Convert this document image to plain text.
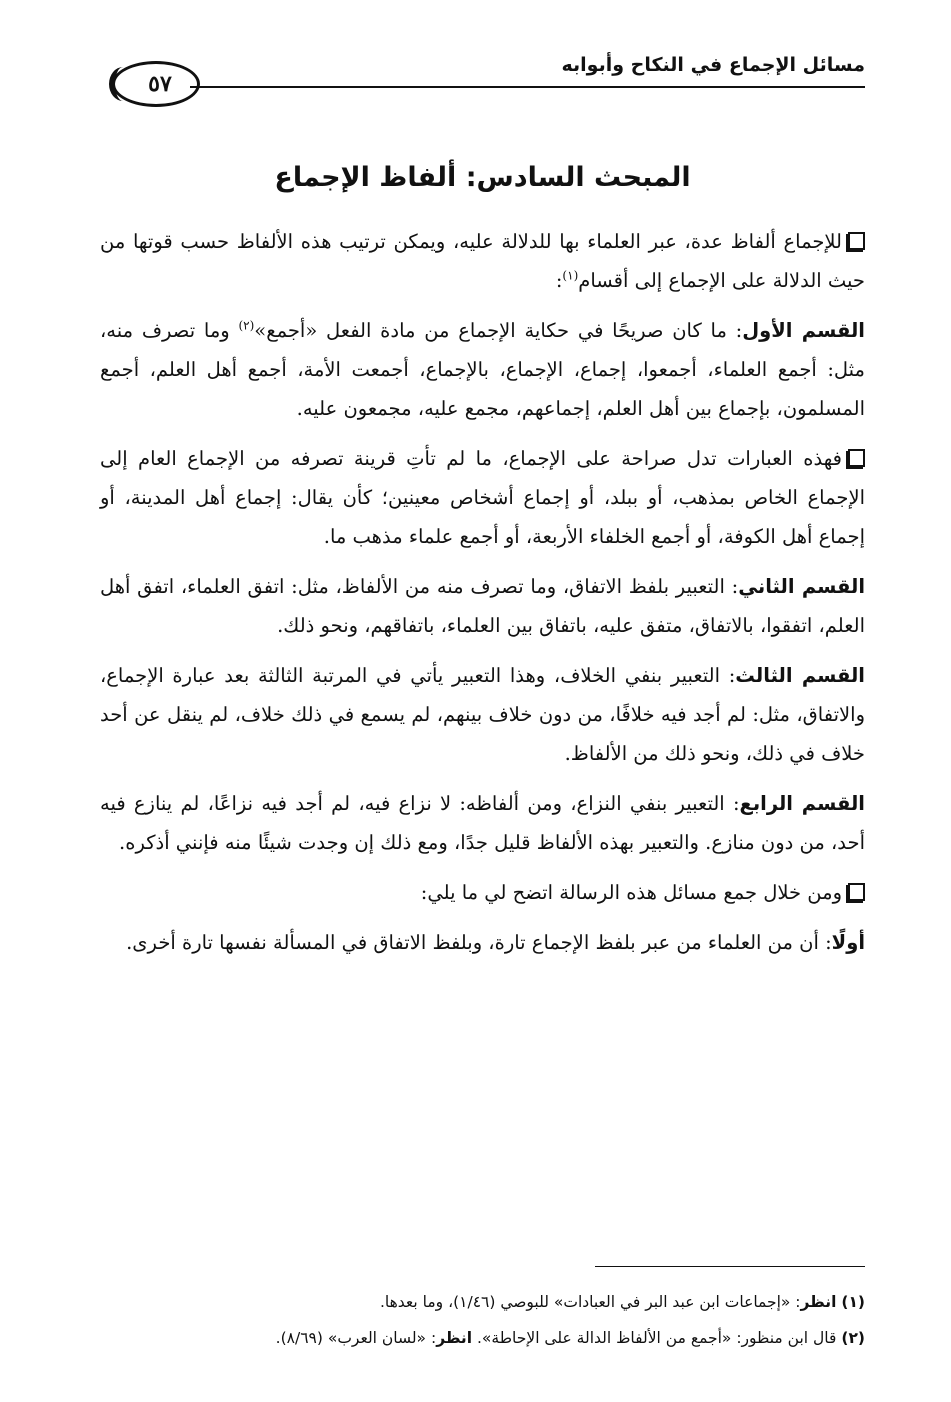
مسائل الإجماع في النكاح وأبوابه
٥٧
المبحث السادس: ألفاظ الإجماع

للإجماع ألفاظ عدة، عبر العلماء بها للدلالة عليه، ويمكن ترتيب هذه الألفاظ حسب قوتها من حيث الدلالة على الإجماع إلى أقسام$^{(١)}$:

القسم الأول: ما كان صريحًا في حكاية الإجماع من مادة الفعل «أجمع»$^{(٢)}$ وما تصرف منه، مثل: أجمع العلماء، أجمعوا، إجماع، الإجماع، بالإجماع، أجمعت الأمة، أجمع أهل العلم، أجمع المسلمون، بإجماع بين أهل العلم، إجماعهم، مجمع عليه، مجمعون عليه.

فهذه العبارات تدل صراحة على الإجماع، ما لم تأتِ قرينة تصرفه من الإجماع العام إلى الإجماع الخاص بمذهب، أو ببلد، أو إجماع أشخاص معينين؛ كأن يقال: إجماع أهل المدينة، أو إجماع أهل الكوفة، أو أجمع الخلفاء الأربعة، أو أجمع علماء مذهب ما.

القسم الثاني: التعبير بلفظ الاتفاق، وما تصرف منه من الألفاظ، مثل: اتفق العلماء، اتفق أهل العلم، اتفقوا، بالاتفاق، متفق عليه، باتفاق بين العلماء، باتفاقهم، ونحو ذلك.

القسم الثالث: التعبير بنفي الخلاف، وهذا التعبير يأتي في المرتبة الثالثة بعد عبارة الإجماع، والاتفاق، مثل: لم أجد فيه خلافًا، من دون خلاف بينهم، لم يسمع في ذلك خلاف، لم ينقل عن أحد خلاف في ذلك، ونحو ذلك من الألفاظ.

القسم الرابع: التعبير بنفي النزاع، ومن ألفاظه: لا نزاع فيه، لم أجد فيه نزاعًا، لم ينازع فيه أحد، من دون منازع. والتعبير بهذه الألفاظ قليل جدًا، ومع ذلك إن وجدت شيئًا منه فإنني أذكره.

ومن خلال جمع مسائل هذه الرسالة اتضح لي ما يلي:

أولًا: أن من العلماء من عبر بلفظ الإجماع تارة، وبلفظ الاتفاق في المسألة نفسها تارة أخرى.

(١) انظر: «إجماعات ابن عبد البر في العبادات» للبوصي (١/٤٦)، وما بعدها.
(٢) قال ابن منظور: «أجمع من الألفاظ الدالة على الإحاطة». انظر: «لسان العرب» (٨/٦٩).
